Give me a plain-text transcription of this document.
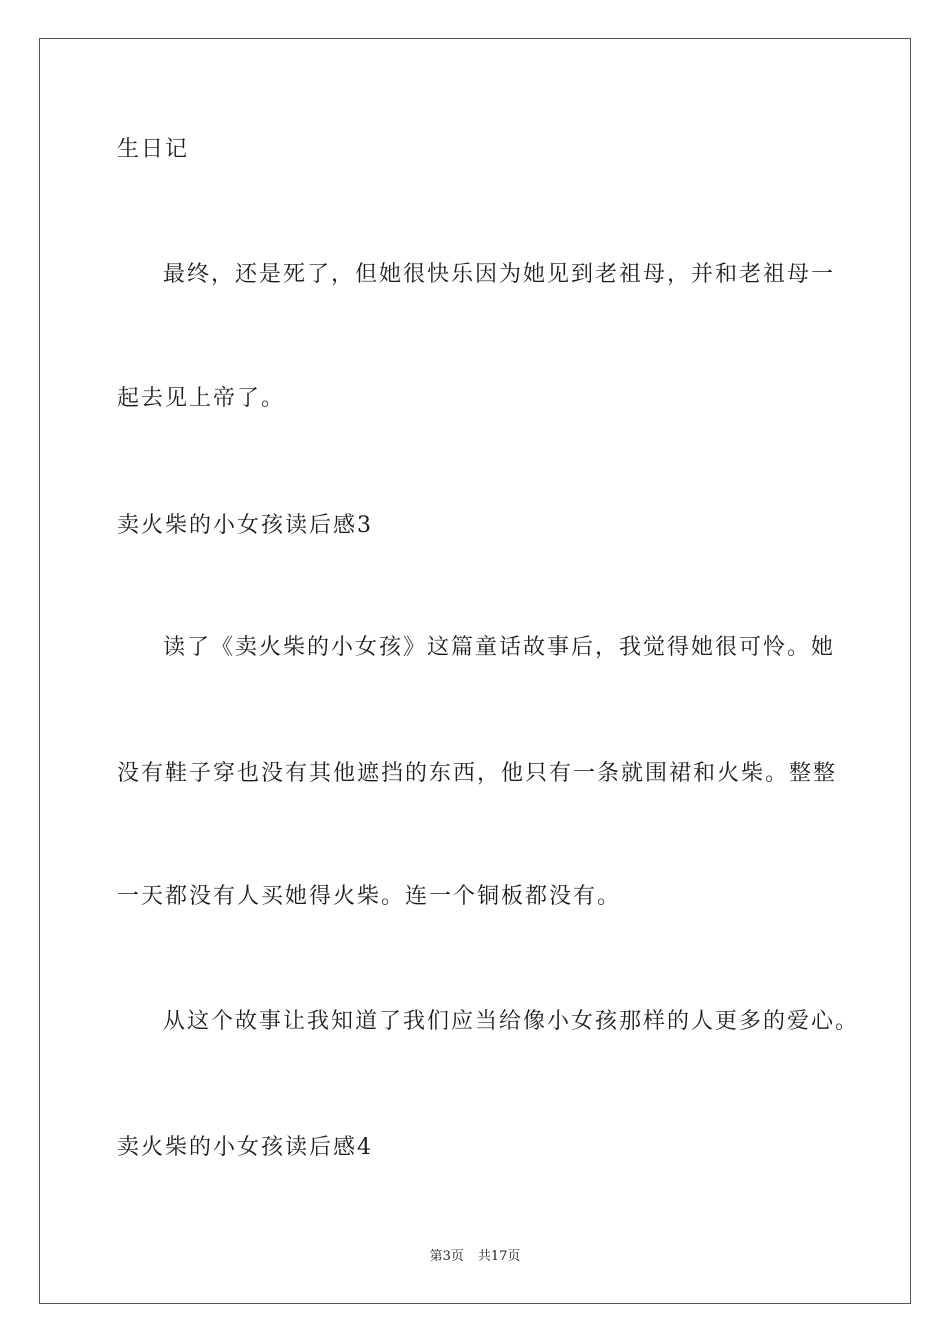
生日记
最终，还是死了，但她很快乐因为她见到老祖母，并和老祖母一
起去见上帝了。
卖火柴的小女孩读后感3
读了《卖火柴的小女孩》这篇童话故事后，我觉得她很可怜。她
没有鞋子穿也没有其他遮挡的东西，他只有一条就围裙和火柴。整整
一天都没有人买她得火柴。连一个铜板都没有。
从这个故事让我知道了我们应当给像小女孩那样的人更多的爱心。
卖火柴的小女孩读后感4
第3页 共17页
